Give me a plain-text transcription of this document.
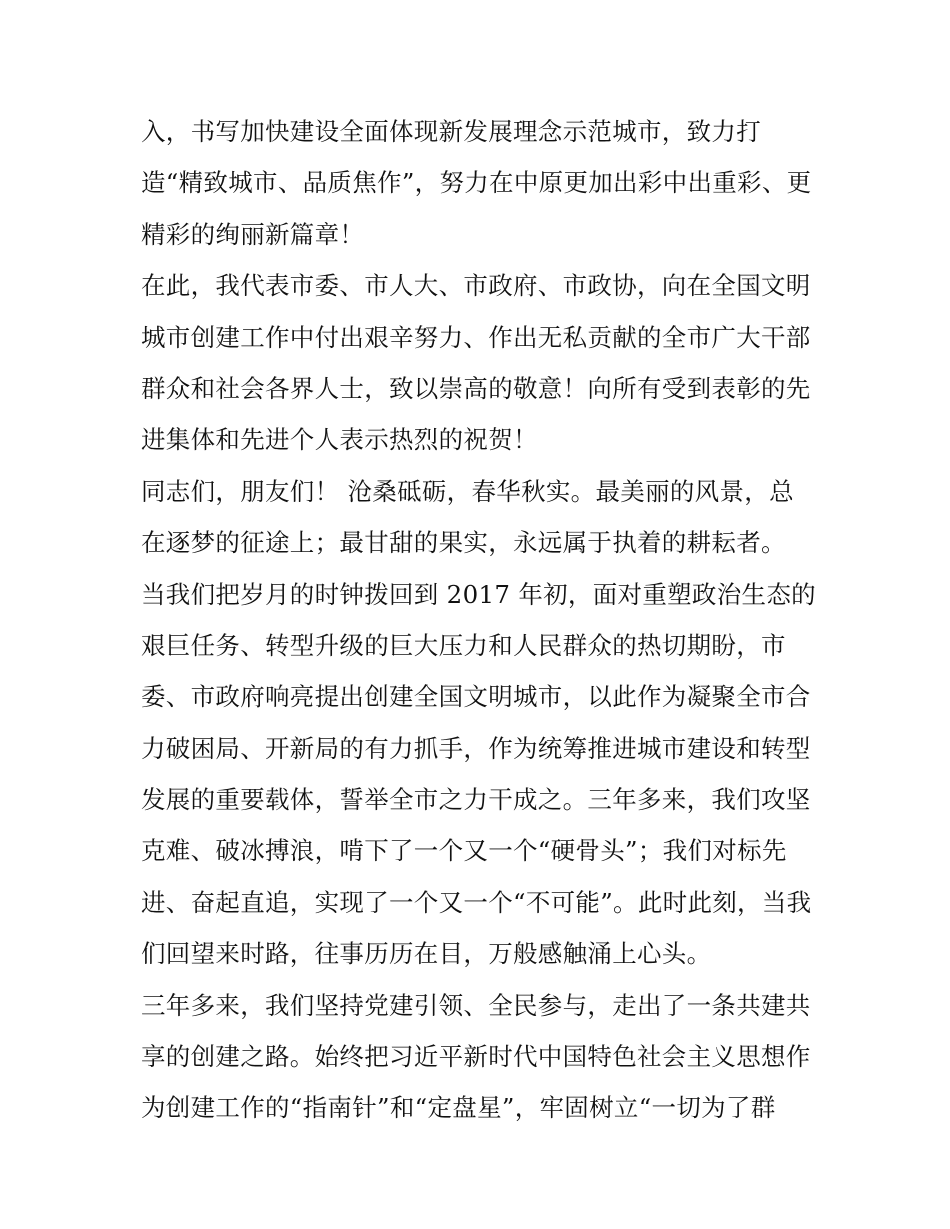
入，书写加快建设全面体现新发展理念示范城市，致力打
造“精致城市、品质焦作”，努力在中原更加出彩中出重彩、更
精彩的绚丽新篇章！
在此，我代表市委、市人大、市政府、市政协，向在全国文明
城市创建工作中付出艰辛努力、作出无私贡献的全市广大干部
群众和社会各界人士，致以崇高的敬意！向所有受到表彰的先
进集体和先进个人表示热烈的祝贺！
同志们，朋友们！ 沧桑砥砺，春华秋实。最美丽的风景，总
在逐梦的征途上；最甘甜的果实，永远属于执着的耕耘者。
当我们把岁月的时钟拨回到 2017 年初，面对重塑政治生态的
艰巨任务、转型升级的巨大压力和人民群众的热切期盼，市
委、市政府响亮提出创建全国文明城市，以此作为凝聚全市合
力破困局、开新局的有力抓手，作为统筹推进城市建设和转型
发展的重要载体，誓举全市之力干成之。三年多来，我们攻坚
克难、破冰搏浪，啃下了一个又一个“硬骨头”；我们对标先
进、奋起直追，实现了一个又一个“不可能”。此时此刻，当我
们回望来时路，往事历历在目，万般感触涌上心头。
三年多来，我们坚持党建引领、全民参与，走出了一条共建共
享的创建之路。始终把习近平新时代中国特色社会主义思想作
为创建工作的“指南针”和“定盘星”，牢固树立“一切为了群
